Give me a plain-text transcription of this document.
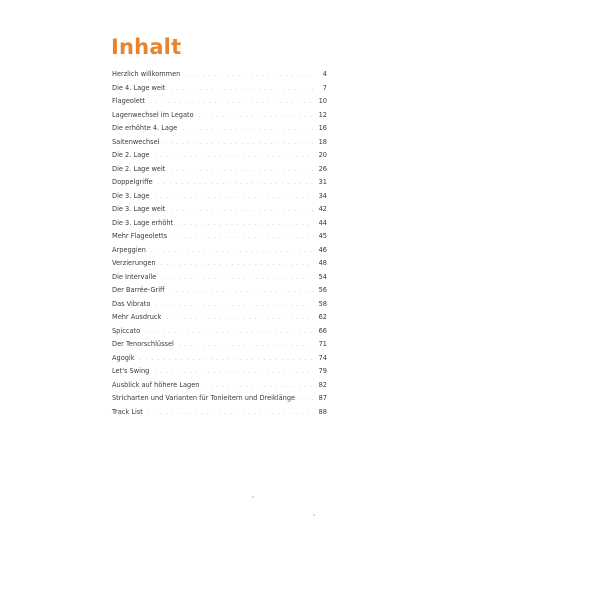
Inhalt
Herzlich willkommen . . .	4
Die 4. Lage weit . . .	7
Flageolett . . .	10
Lagenwechsel im Legato . . .	12
Die erhöhte 4. Lage . . .	16
Saitenwechsel . . .	18
Die 2. Lage . . .	20
Die 2. Lage weit . . .	26
Doppelgriffe . . .	31
Die 3. Lage . . .	34
Die 3. Lage weit . . .	42
Die 3. Lage erhöht . . .	44
Mehr Flageoletts . . .	45
Arpeggien . . .	46
Verzierungen . . .	48
Die Intervalle . . .	54
Der Barrée-Griff . . .	56
Das Vibrato . . .	58
Mehr Ausdruck . . .	62
Spiccato . . .	66
Der Tenorschlüssel . . .	71
Agogik . . .	74
Let's Swing . . .	79
Ausblick auf höhere Lagen . . .	82
Stricharten und Varianten für Tonleitern und Dreiklänge . . .	87
Track List . . .	88
